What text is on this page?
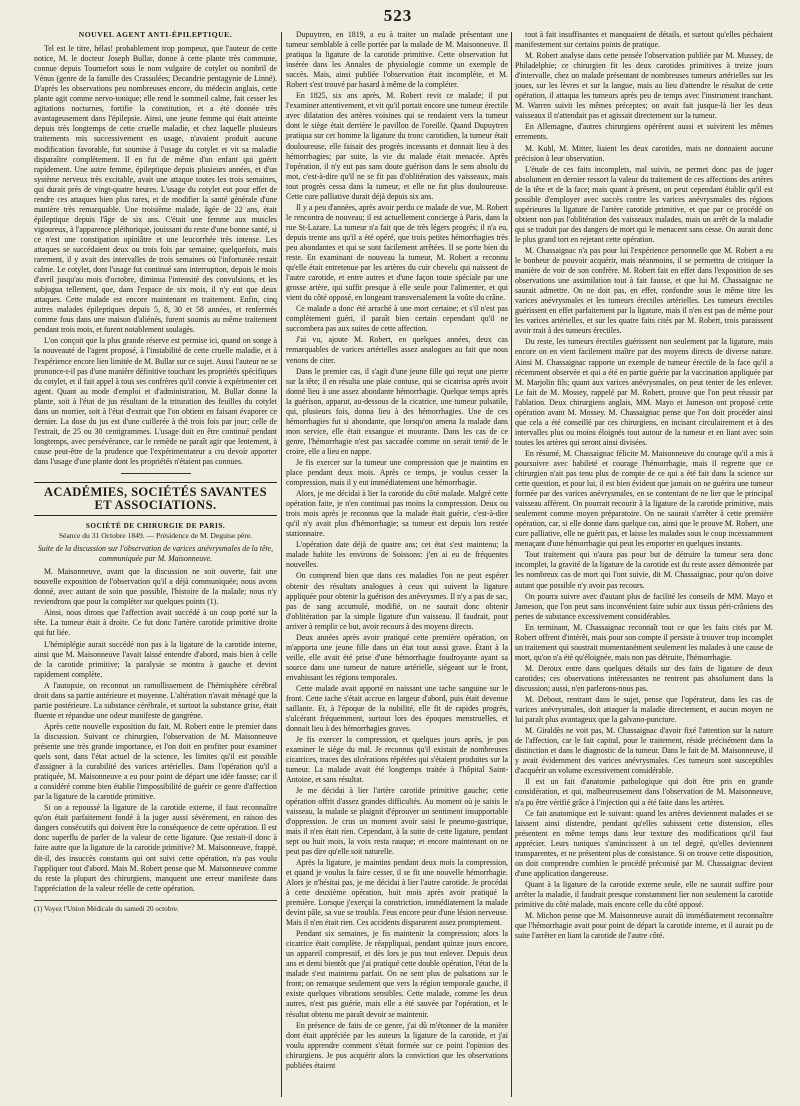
523
NOUVEL AGENT ANTI-ÉPILEPTIQUE.

Tel est le titre, hélas! probablement trop pompeux, que l'auteur de cette notice, M. le docteur Joseph Bullar, donne à cette plante très commune, connue depuis Tournefort sous le nom vulgaire de cotylet ou nombril de Vénus (genre de la famille des Crassulées; Decandrie pentagynie de Linné). D'après les observations peu nombreuses encore, du médecin anglais, cette plante agit comme nervo-tonique; elle rend le sommeil calme, fait cesser les agitations nocturnes, fortifie la constitution, et a été donnée très avantageusement dans l'épilepsie. Ainsi, une jeune femme qui était atteinte depuis très longtemps de cette cruelle maladie, et chez laquelle plusieurs traitements mis successivement en usage, n'avaient produit aucune modification favorable, fut soumise à l'usage du cotylet et vit sa maladie disparaître complètement. Il en fut de même d'un enfant qui guérit rapidement. Une autre femme, épileptique depuis plusieurs années, et d'un système nerveux très excitable, avait une attaque toutes les trois semaines, qui durait près de vingt-quatre heures. L'usage du cotylet eut pour effet de rendre ces attaques bien plus rares, et de modifier la santé générale d'une manière très remarquable. Une troisième malade, âgée de 22 ans, était épileptique depuis l'âge de six ans. C'était une femme aux muscles vigoureux, à l'apparence pléthorique, jouissant du reste d'une bonne santé, si ce n'est une constipation opiniâtre et une leucorrhée très intense. Les attaques se succédaient deux ou trois fois par semaine; quelquefois, mais rarement, il y avait des intervalles de trois semaines où l'infortunée restait calme. Le cotylet, dont l'usage fut continué sans interruption, depuis le mois d'avril jusqu'au mois d'octobre, diminua l'intensité des convulsions, et les subjugua tellement, que, dans l'espace de six mois, il n'y eut que deux attaques. Cette malade est encore maintenant en traitement. Enfin, cinq autres malades épileptiques depuis 5, 8, 30 et 58 années, et renfermés comme fous dans une maison d'aliénés, furent soumis au même traitement pendant trois mois, et furent notablement soulagés.

L'on conçoit que la plus grande réserve est permise ici, quand on songe à la nouveauté de l'agent proposé, à l'instabilité de cette cruelle maladie, et à l'expérience encore lien limitée de M. Bullar sur ce sujet. Aussi l'auteur ne se prononce-t-il pas d'une manière définitive touchant les propriétés spécifiques du cotylet, et il fait appel à tous ses confrères qu'il convie à expérimenter cet agent. Quant au mode d'emploi et d'administration, M. Bullar donne la plante, soit à l'état de jus résultant de la trituration des feuilles du cotylet dans un mortier, soit à l'état d'extrait que l'on obtient en faisant évaporer ce dernier. La dose du jus est d'une cuillerée à thé trois fois par jour; celle de l'extrait, de 25 ou 30 centigrammes. L'usage doit en être continué pendant longtemps, avec persévérance, car le remède ne paraît agir que lentement, à cause peut-être de la prudence que l'expérimentateur a cru devoir apporter dans l'usage d'une plante dont les propriétés n'étaient pas connues.

ACADÉMIES, SOCIÉTÉS SAVANTES ET ASSOCIATIONS.
SOCIÉTÉ DE CHIRURGIE DE PARIS.
Séance du 31 Octobre 1849. — Présidence de M. Deguise père.
Suite de la discussion sur l'observation de varices anévrysmales de la tête, communiquée par M. Maisonneuve.

M. Maisonneuve, avant que la discussion ne soit ouverte, fait une nouvelle exposition de l'observation qu'il a déjà communiquée; nous avons donné, avec autant de soin que possible, l'histoire de la malade; nous n'y reviendrons que pour la compléter sur quelques points (1).

Ainsi, nous dirons que l'affection avait succédé à un coup porté sur la tête. La tumeur était à droite. Ce fut donc l'artère carotide primitive droite qui fut liée.

L'hémiplégie aurait succédé non pas à la ligature de la carotide interne, ainsi que M. Maisonneuve l'avait laissé entendre d'abord, mais bien à celle de la carotide primitive; la paralysie se montra à gauche et devint rapidement complète.

A l'autopsie, on reconnut un ramollissement de l'hémisphère cérébral droit dans sa partie antérieure et moyenne. L'altération n'avait ménagé que la partie postérieure. La substance cérébrale, et surtout la substance grise, était fluente et répandue une odeur manifeste de gangrène.

Après cette nouvelle exposition du fait, M. Robert entre le premier dans la discussion. Suivant ce chirurgien, l'observation de M. Maisonneuve présente une très grande importance, et l'on doit en profiter pour examiner quels sont, dans l'état actuel de la science, les limites qu'il est possible d'assigner à la curabilité des varices artérielles. Dans l'opération qu'il a pratiquée, M. Maisonneuve a eu pour point de départ une idée fausse; car il a considéré comme bien établie l'impossibilité de guérir ce genre d'affection par la ligature de la carotide primitive.

Si on a repoussé la ligature de la carotide externe, il faut reconnaître qu'on était parfaitement fondé à la juger aussi sévèrement, en raison des dangers consécutifs qui doivent être la conséquence de cette opération. Il est donc superflu de parler de la valeur de cette ligature. Que restait-il donc à faire autre que la ligature de la carotide primitive? M. Maisonneuve, frappé, dit-il, des insuccès constants qui ont suivi cette opération, n'a pas voulu l'appliquer tout d'abord. Mais M. Robert pense que M. Maisonneuve comme du reste la plupart des chirurgiens, manquent une erreur manifeste dans l'appréciation de la valeur réelle de cette opération.

(1) Voyez l'Union Médicale du samedi 20 octobre.

Dupuytren, en 1819, a eu à traiter un malade présentant une tumeur semblable à celle portée par la malade de M. Maisonneuve. Il pratiqua la ligature de la carotide primitive. Cette observation fut insérée dans les Annales de physiologie comme un exemple de succès. Mais, ainsi publiée l'observation était incomplète, et M. Robert s'est trouvé par hasard à même de la compléter.

En 1825, six ans après, M. Robert revit ce malade; il put l'examiner attentivement, et vit qu'il portait encore une tumeur érectile avec dilatation des artères voisines qui se rendaient vers la tumeur dont le siège était derrière le pavillon de l'oreille. Quand Dupuytren pratiqua sur cet homme la ligature du tronc carotidien, la tumeur était douloureuse, elle faisait des progrès incessants et donnait lieu à des hémorrhagies; par suite, la vie du malade était menacée. Après l'opération, il n'y eut pas sans doute guérison dans le sens absolu du mot, c'est-à-dire qu'il ne se fit pas d'oblitération des vaisseaux, mais tout progrès cessa dans la tumeur, et elle ne fut plus douloureuse. Cette cure palliative durait déjà depuis six ans.

Il y a peu d'années, après avoir perdu ce malade de vue, M. Robert le rencontra de nouveau; il est actuellement concierge à Paris, dans la rue St-Lazare. La tumeur n'a fait que de très légers progrès; il n'a eu, depuis trente ans qu'il a été opéré, que trois petites hémorrhagies très peu abondantes et qui se sont facilement arrêtées. Il se porte bien du reste. En examinant de nouveau la tumeur, M. Robert a reconnu qu'elle était entretenue par les artères du cuir chevelu qui naissent de l'autre carotide, et entre autres et d'une façon toute spéciale par une grosse artère, qui suffit presque à elle seule pour l'alimenter, et qui vient du côté opposé, en longeant transversalement la voûte du crâne.

Ce malade a donc été arraché à une mort certaine; et s'il n'est pas complètement guéri, il paraît bien certain cependant qu'il ne succombera pas aux suites de cette affection.

J'ai vu, ajoute M. Robert, en quelques années, deux cas remarquables de varices artérielles assez analogues au fait que nous venons de citer.

Dans le premier cas, il s'agit d'une jeune fille qui reçut une pierre sur la tête; il en résulta une plaie contuse, qui se cicatrisa après avoir donné lieu à une assez abondante hémorrhagie. Quelque temps après la guérison, apparut, au-dessous de la cicatrice, une tumeur pulsatile, qui, plusieurs fois, donna lieu à des hémorrhagies. Une de ces hémorrhagies fut si abondante, que lorsqu'on amena la malade dans mon service, elle était exsangue et mourante. Dans les cas de ce genre, l'hémorrhagie n'est pas saccadée comme on serait tenté de le croire, elle a lieu en nappe.

Je fis exercer sur la tumeur une compression que je maintins en place pendant deux mois. Après ce temps, je voulus cesser la compression, mais il y eut immédiatement une hémorrhagie.

Alors, je me décidai à lier la carotide du côté malade. Malgré cette opération faite, je n'en continuai pas moins la compression. Deux ou trois mois après je reconnus que la malade était guérie, c'est-à-dire qu'il n'y avait plus d'hémorrhagie; sa tumeur est depuis lors restée stationnaire.

L'opération date déjà de quatre ans; cet état s'est maintenu; la malade habite les environs de Soissons: j'en ai eu de fréquentes nouvelles.

On comprend bien que dans ces maladies l'on ne peut espérer obtenir des résultats analogues à ceux qui suivent la ligature appliquée pour obtenir la guérison des anévrysmes. Il n'y a pas de sac, pas de sang accumulé, modifié, on ne saurait donc obtenir d'oblitération par la simple ligature d'un vaisseau. Il faudrait, pour arriver à remplir ce but, avoir recours à des moyens directs.

Deux années après avoir pratiqué cette première opération, on m'apporta une jeune fille dans un état tout aussi grave. Étant à la veille, elle avait été prise d'une hémorrhagie foudroyante ayant sa source dans une tumeur de nature artérielle, siégeant sur le front, envahissant les régions temporales.

Cette malade avait apporté en naissant une tache sanguine sur le front. Cette tache s'était accrue en largeur d'abord, puis était devenue saillante. Et, à l'époque de la nubilité, elle fit de rapides progrès, s'ulcérant fréquemment, surtout lors des époques menstruelles, et donnait lieu à des hémorrhagies graves.

Je fis exercer la compression, et quelques jours après, je pus examiner le siège du mal. Je reconnus qu'il existait de nombreuses cicatrices, traces des ulcérations répétées qui s'étaient produites sur la tumeur. La malade avait été longtemps traitée à l'hôpital Saint-Antoine, et sans résultat.

Je me décidai à lier l'artère carotide primitive gauche; cette opération offrit d'assez grandes difficultés. Au moment où je saisis le vaisseau, la malade se plaignit d'éprouver un sentiment insupportable d'oppression. Je crus un moment avoir saisi le pneumo-gastrique, mais il n'en était rien. Cependant, à la suite de cette ligature, pendant sept ou huit mois, la voix resta rauque; et encore maintenant on ne peut pas dire qu'elle soit naturelle.

Après la ligature, je maintins pendant deux mois la compression, et quand je voulus la faire cesser, il se fit une nouvelle hémorrhagie. Alors je n'hésitai pas, je me décidai à lier l'autre carotide. Je procédai à cette deuxième opération, huit mois après avoir pratiqué la première. Lorsque j'exerçai la constriction, immédiatement la malade devint pâle, sa vue se troubla. J'eus encore peur d'une lésion nerveuse. Mais il n'en était rien. Ces accidents disparurent assez promptement.

Pendant six semaines, je fis maintenir la compression; alors la cicatrice était complète. Je réappliquai, pendant quinze jours encore, un appareil compressif, et dès lors je pus tout enlever. Depuis deux ans et demi bientôt que j'ai pratiqué cette double opération, l'état de la malade s'est maintenu parfait. On ne sent plus de pulsations sur le front; on remarque seulement que vers la région temporale gauche, il existe quelques vibrations sensibles. Cette malade, comme les deux autres, n'est pas guérie, mais elle a été sauvée par l'opération, et le résultat obtenu me paraît devoir se maintenir.

En présence de faits de ce genre, j'ai dû m'étonner de la manière dont était appréciée par les auteurs la ligature de la carotide, et j'ai voulu apprendre comment s'était formée sur ce point l'opinion des chirurgiens. Je pus acquérir alors la conviction que les observations publiées étaient

tout à fait insuffisantes et manquaient de détails, et surtout qu'elles péchaient manifestement sur certains points de pratique.

M. Robert analyse dans cette pensée l'observation publiée par M. Mussey, de Philadelphie; ce chirurgien fit les deux carotides primitives à treize jours d'intervalle, chez un malade présentant de nombreuses tumeurs artérielles sur les joues, sur les lèvres et sur la langue, mais au lieu d'attendre le résultat de cette opération, il attaqua les tumeurs après peu de temps avec l'instrument tranchant. M. Warren suivit les mêmes préceptes; on avait fait jusque-là lier les deux vaisseaux il n'attendait pas et agissait directement sur la tumeur.

En Allemagne, d'autres chirurgiens opérèrent aussi et suivirent les mêmes errements.

M. Kuhl, M. Mitter, liaient les deux carotides, mais ne donnaient aucune précision à leur observation.

L'étude de ces faits incomplets, mal suivis, ne permet donc pas de juger absolument en dernier ressort la valeur du traitement de ces affections des artères de la tête et de la face; mais quant à présent, on peut cependant établir qu'il est possible d'employer avec succès contre les varices anévrysmales des régions supérieures la ligature de l'artère carotide primitive, et que par ce procédé on obtient non pas l'oblitération des vaisseaux malades, mais un arrêt de la maladie qui se traduit par des dangers de mort qui le menacent sans cesse. On aurait donc le plus grand tort en rejetant cette opération.

M. Chassaignac n'a pas pour lui l'expérience personnelle que M. Robert a eu le bonheur de pouvoir acquérir, mais néanmoins, il se permettra de critiquer la manière de voir de son confrère. M. Robert fait en effet dans l'exposition de ses observations une assimilation tout à fait fausse, et que lui M. Chassaignac ne saurait admettre. On ne doit pas, en effet, confondre sous le même titre les varices anévrysmales et les tumeurs érectiles artérielles. Les tumeurs érectiles guérissent en effet parfaitement par la ligature, mais il n'en est pas de même pour les varices artérielles, et sur les quatre faits cités par M. Robert, trois paraissent avoir trait à des tumeurs érectiles.

Du reste, les tumeurs érectiles guérissent non seulement par la ligature, mais encore on en vient facilement maître par des moyens directs de diverse nature. Ainsi M. Chassaignac rapporte un exemple de tumeur érectile de la face qu'il a récemment observée et qui a été en partie guérie par la vaccination appliquée par M. Marjolin fils; quant aux varices anévrysmales, on peut tenter de les enlever. Le fait de M. Mossey, rappelé par M. Robert, prouve que l'on peut réussir par l'ablation. Deux chirurgiens anglais, MM. Mayo et Jameson ont proposé cette opération avant M. Mossey. M. Chassaignac pense que l'on doit procéder ainsi que cela a été conseillé par ces chirurgiens, en incisant circulairement et à des intervalles plus ou moins éloignés tout autour de la tumeur et en liant avec soin toutes les artères qui seront ainsi divisées.

En résumé, M. Chassaignac félicite M. Maisonneuve du courage qu'il a mis à poursuivre avec habileté et courage l'hémorrhagie, mais il regrette que ce chirurgien n'ait pas tenu plus de compte de ce qui a été fait dans la science sur cette question, et pour lui, il est bien évident que jamais on ne guérira une tumeur formée par des varices anévrysmales, en se contentant de ne lier que le principal vaisseau afférent. On pourrait recourir à la ligature de la carotide primitive, mais seulement comme moyen préparatoire. On ne saurait s'arrêter à cette première opération, car, si elle donne dans quelque cas, ainsi que le prouve M. Robert, une cure palliative, elle ne guérit pas, et laisse les malades sous le coup incessamment menaçant d'une hémorrhagie qui peut les emporter en quelques instants.

Tout traitement qui n'aura pas pour but de détruire la tumeur sera donc incomplet, la gravité de la ligature de la carotide est du reste assez démontrée par les nombreux cas de mort qui l'ont suivie, dit M. Chassaignac, pour qu'on doive autant que possible n'y avoir pas recours.

On pourra suivre avec d'autant plus de facilité les conseils de MM. Mayo et Jameson, que l'on peut sans inconvénient faire subir aux tissus péri-crâniens des pertes de substance excessivement considérables.

En terminant, M. Chassaignac reconnaît tout ce que les faits cités par M. Robert offrent d'intérêt, mais pour son compte il persiste à trouver trop incomplet un traitement qui soustrait momentanément seulement les malades à une cause de mort, qu'on n'a été qu'éloignée, mais non pas détruite, l'hémorrhagie.

M. Deroux entre dans quelques détails sur des faits de ligature de deux carotides; ces observations intéressantes ne rentrent pas absolument dans la discussion; aussi, n'en parlerons-nous pas.

M. Debout, rentrant dans le sujet, pense que l'opérateur, dans les cas de varices anévrysmales, doit attaquer la maladie directement, et aucun moyen ne lui paraît plus avantageux que la galvano-puncture.

M. Giraldès ne voit pas, M. Chassaignac d'avoir fixé l'attention sur la nature de l'affection, car le fait capital, pour le traitement, réside précisément dans la distinction et dans le diagnostic de la tumeur. Dans le fait de M. Maisonneuve, il y avait évidemment des varices anévrysmales. Ces tumeurs sont susceptibles d'acquérir un volume excessivement considérable.

Il est un fait d'anatomie pathologique qui doit être pris en grande considération, et qui, malheureusement dans l'observation de M. Maisonneuve, n'a pu être vérifié grâce à l'injection qui a été faite dans les artères.

Ce fait anatomique est le suivant: quand les artères deviennent malades et se laissent ainsi distendre, pendant qu'elles subissent cette distension, elles présentent en même temps dans leur texture des modifications qu'il faut apprécier. Leurs tuniques s'amincissent à un tel degré, qu'elles deviennent transparentes, et ne présentent plus de consistance. Si on trouve cette disposition, on doit comprendre combien le procédé préconisé par M. Chassaignac devient d'une application dangereuse.

Quant à la ligature de la carotide externe seule, elle ne saurait suffire pour arrêter la maladie, il faudrait presque constamment lier non seulement la carotide primitive du côté malade, mais encore celle du côté opposé.

M. Michon pense que M. Maisonneuve aurait dû immédiatement reconnaître que l'hémorrhagie avait pour point de départ la carotide interne, et il aurait pu de suite l'arrêter en liant la carotide de l'autre côté.
